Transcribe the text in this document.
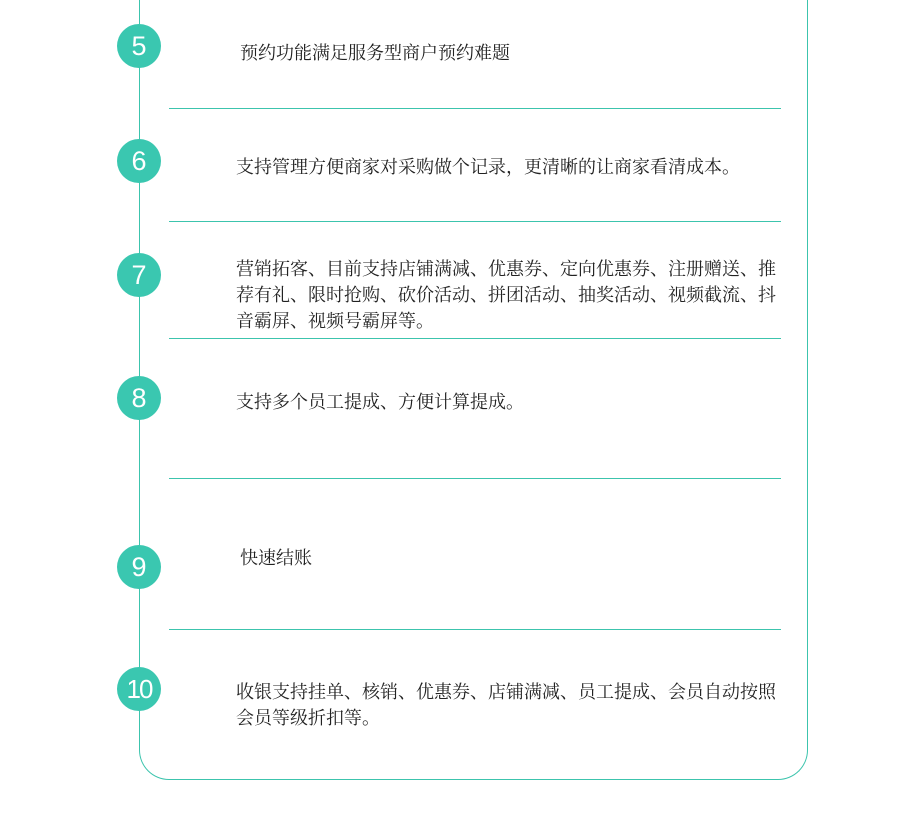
5	预约功能满足服务型商户预约难题
6	支持管理方便商家对采购做个记录，更清晰的让商家看清成本。
7	营销拓客、目前支持店铺满减、优惠券、定向优惠券、注册赠送、推荐有礼、限时抢购、砍价活动、拼团活动、抽奖活动、视频截流、抖音霸屏、视频号霸屏等。
8	支持多个员工提成、方便计算提成。
9	快速结账
10	收银支持挂单、核销、优惠券、店铺满减、员工提成、会员自动按照会员等级折扣等。
